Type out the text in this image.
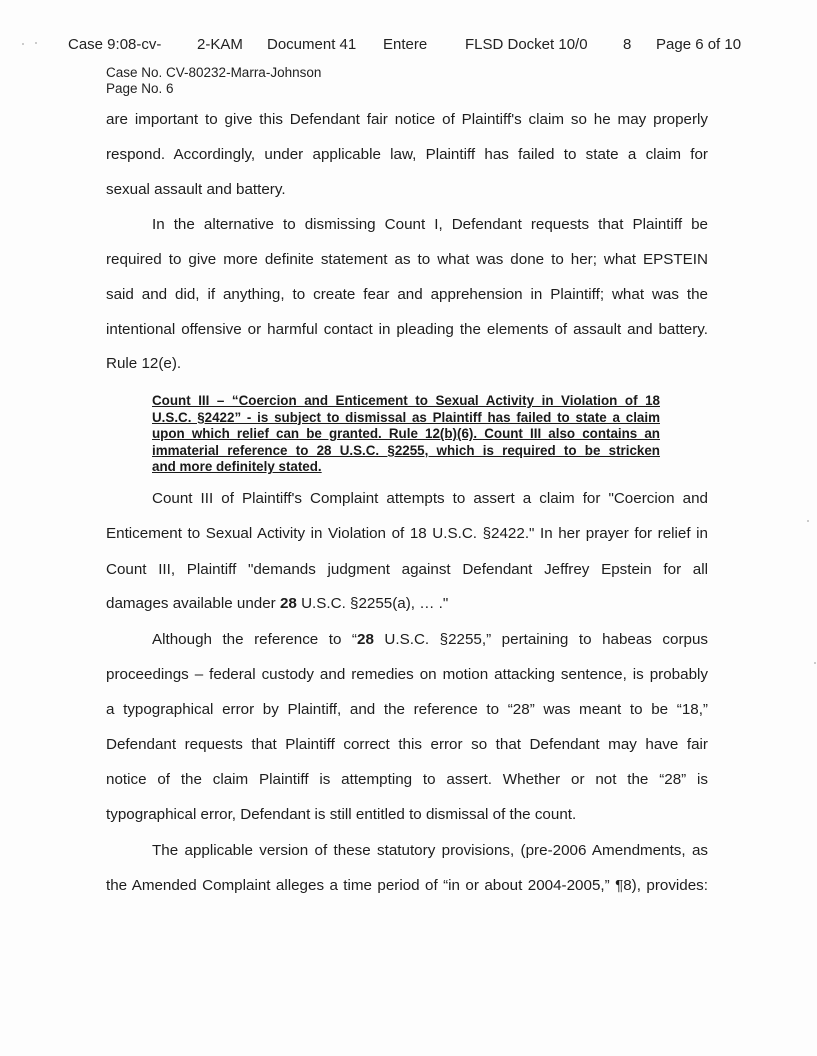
Case 9:08-cv- 2-KAM Document 41 Entere	FLSD Docket 10/0 8 Page 6 of 10
Case No. CV-80232-Marra-Johnson
Page No. 6
are important to give this Defendant fair notice of Plaintiff's claim so he may properly
respond. Accordingly, under applicable law, Plaintiff has failed to state a claim for
sexual assault and battery.
In the alternative to dismissing Count I, Defendant requests that Plaintiff be
required to give more definite statement as to what was done to her; what EPSTEIN
said and did, if anything, to create fear and apprehension in Plaintiff; what was the
intentional offensive or harmful contact in pleading the elements of assault and battery.
Rule 12(e).
Count III – “Coercion and Enticement to Sexual Activity in Violation of 18
U.S.C. §2422” - is subject to dismissal as Plaintiff has failed to state a claim
upon which relief can be granted. Rule 12(b)(6). Count III also contains an
immaterial reference to 28 U.S.C. §2255, which is required to be stricken
and more definitely stated.
Count III of Plaintiff's Complaint attempts to assert a claim for "Coercion and
Enticement to Sexual Activity in Violation of 18 U.S.C. §2422." In her prayer for relief in
Count III, Plaintiff "demands judgment against Defendant Jeffrey Epstein for all
damages available under 28 U.S.C. §2255(a), … ."
Although the reference to “28 U.S.C. §2255,” pertaining to habeas corpus
proceedings – federal custody and remedies on motion attacking sentence, is probably
a typographical error by Plaintiff, and the reference to “28” was meant to be “18,”
Defendant requests that Plaintiff correct this error so that Defendant may have fair
notice of the claim Plaintiff is attempting to assert. Whether or not the “28” is
typographical error, Defendant is still entitled to dismissal of the count.
The applicable version of these statutory provisions, (pre-2006 Amendments, as
the Amended Complaint alleges a time period of “in or about 2004-2005,” ¶8), provides:
